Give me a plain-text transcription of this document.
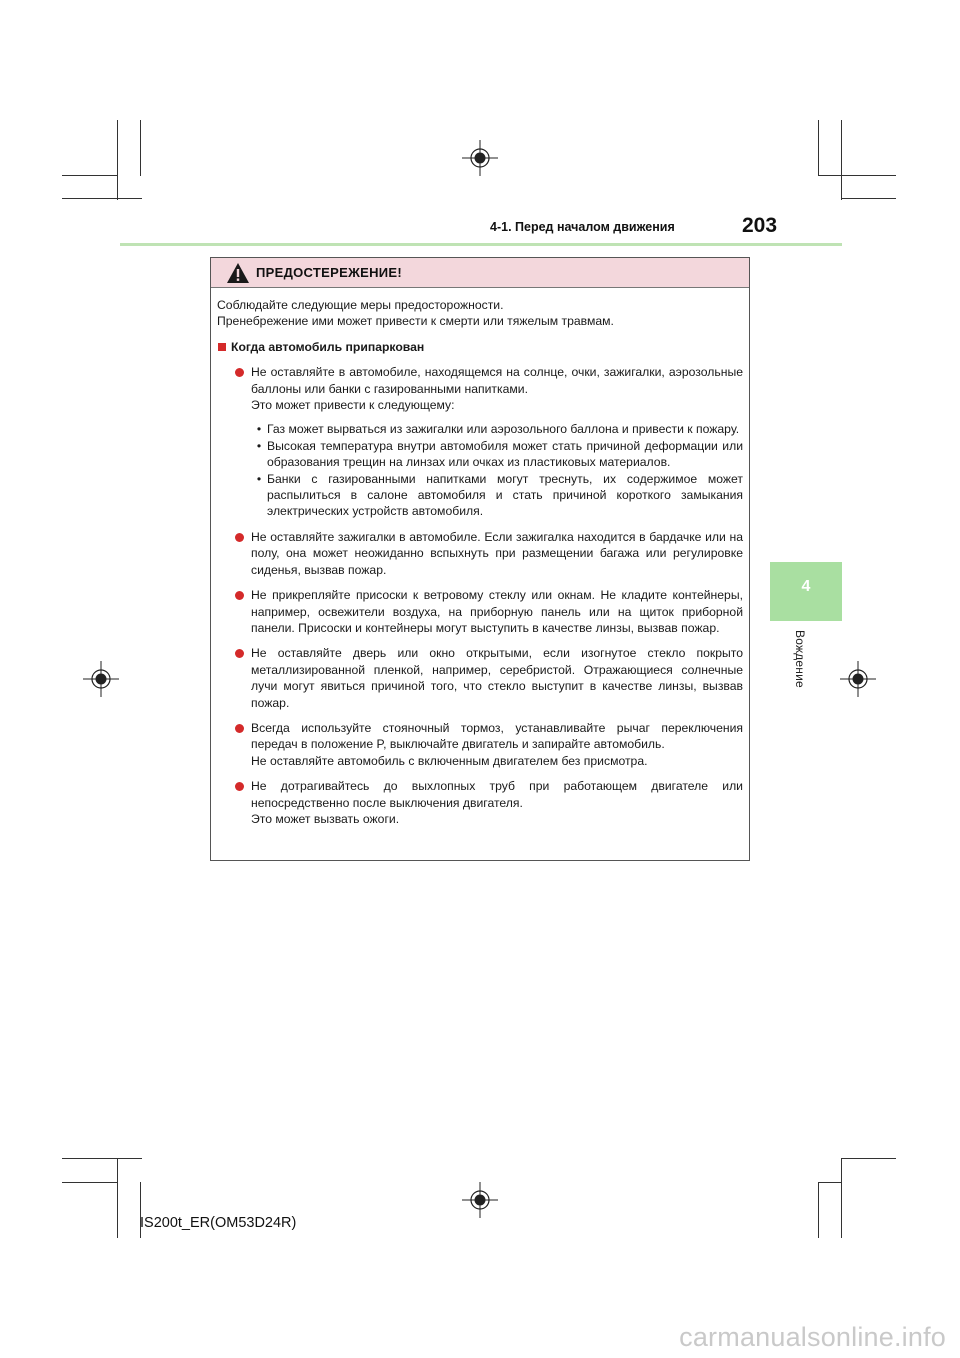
4-1. Перед началом движения	203
4
Вождение
ПРЕДОСТЕРЕЖЕНИЕ!

Соблюдайте следующие меры предосторожности.

Пренебрежение ими может привести к смерти или тяжелым травмам.

Когда автомобиль припаркован
Не оставляйте в автомобиле, находящемся на солнце, очки, зажигалки, аэрозольные баллоны или банки с газированными напитками.
Это может привести к следующему:
• Газ может вырваться из зажигалки или аэрозольного баллона и привести к пожару.
• Высокая температура внутри автомобиля может стать причиной деформации или образования трещин на линзах или очках из пластиковых материалов.
• Банки с газированными напитками могут треснуть, их содержимое может распылиться в салоне автомобиля и стать причиной короткого замыкания электрических устройств автомобиля.
Не оставляйте зажигалки в автомобиле. Если зажигалка находится в бардачке или на полу, она может неожиданно вспыхнуть при размещении багажа или регулировке сиденья, вызвав пожар.
Не прикрепляйте присоски к ветровому стеклу или окнам. Не кладите контейнеры, например, освежители воздуха, на приборную панель или на щиток приборной панели. Присоски и контейнеры могут выступить в качестве линзы, вызвав пожар.
Не оставляйте дверь или окно открытыми, если изогнутое стекло покрыто металлизированной пленкой, например, серебристой. Отражающиеся солнечные лучи могут явиться причиной того, что стекло выступит в качестве линзы, вызвав пожар.
Всегда используйте стояночный тормоз, устанавливайте рычаг переключения передач в положение P, выключайте двигатель и запирайте автомобиль.
Не оставляйте автомобиль с включенным двигателем без присмотра.
Не дотрагивайтесь до выхлопных труб при работающем двигателе или непосредственно после выключения двигателя.
Это может вызвать ожоги.
IS200t_ER(OM53D24R)
carmanualsonline.info
